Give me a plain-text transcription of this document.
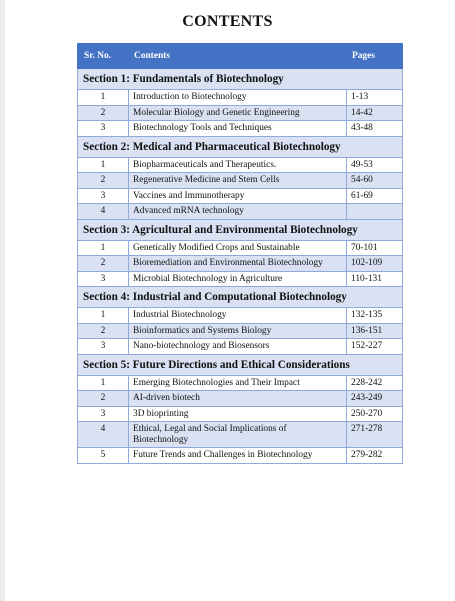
CONTENTS
Sr. No.	Contents	Pages
Section 1: Fundamentals of Biotechnology		
1	Introduction to Biotechnology	1-13
2	Molecular Biology and Genetic Engineering	14-42
3	Biotechnology Tools and Techniques	43-48
Section 2: Medical and Pharmaceutical Biotechnology		
1	Biopharmaceuticals and Therapeutics.	49-53
2	Regenerative Medicine and Stem Cells	54-60
3	Vaccines and Immunotherapy	61-69
4	Advanced mRNA technology	
Section 3: Agricultural and Environmental Biotechnology		
1	Genetically Modified Crops and Sustainable	70-101
2	Bioremediation and Environmental Biotechnology	102-109
3	Microbial Biotechnology in Agriculture	110-131
Section 4: Industrial and Computational Biotechnology		
1	Industrial Biotechnology	132-135
2	Bioinformatics and Systems Biology	136-151
3	Nano-biotechnology and Biosensors	152-227
Section 5: Future Directions and Ethical Considerations		
1	Emerging Biotechnologies and Their Impact	228-242
2	AI-driven biotech	243-249
3	3D bioprinting	250-270
4	Ethical, Legal and Social Implications of Biotechnology	271-278
5	Future Trends and Challenges in Biotechnology	279-282
